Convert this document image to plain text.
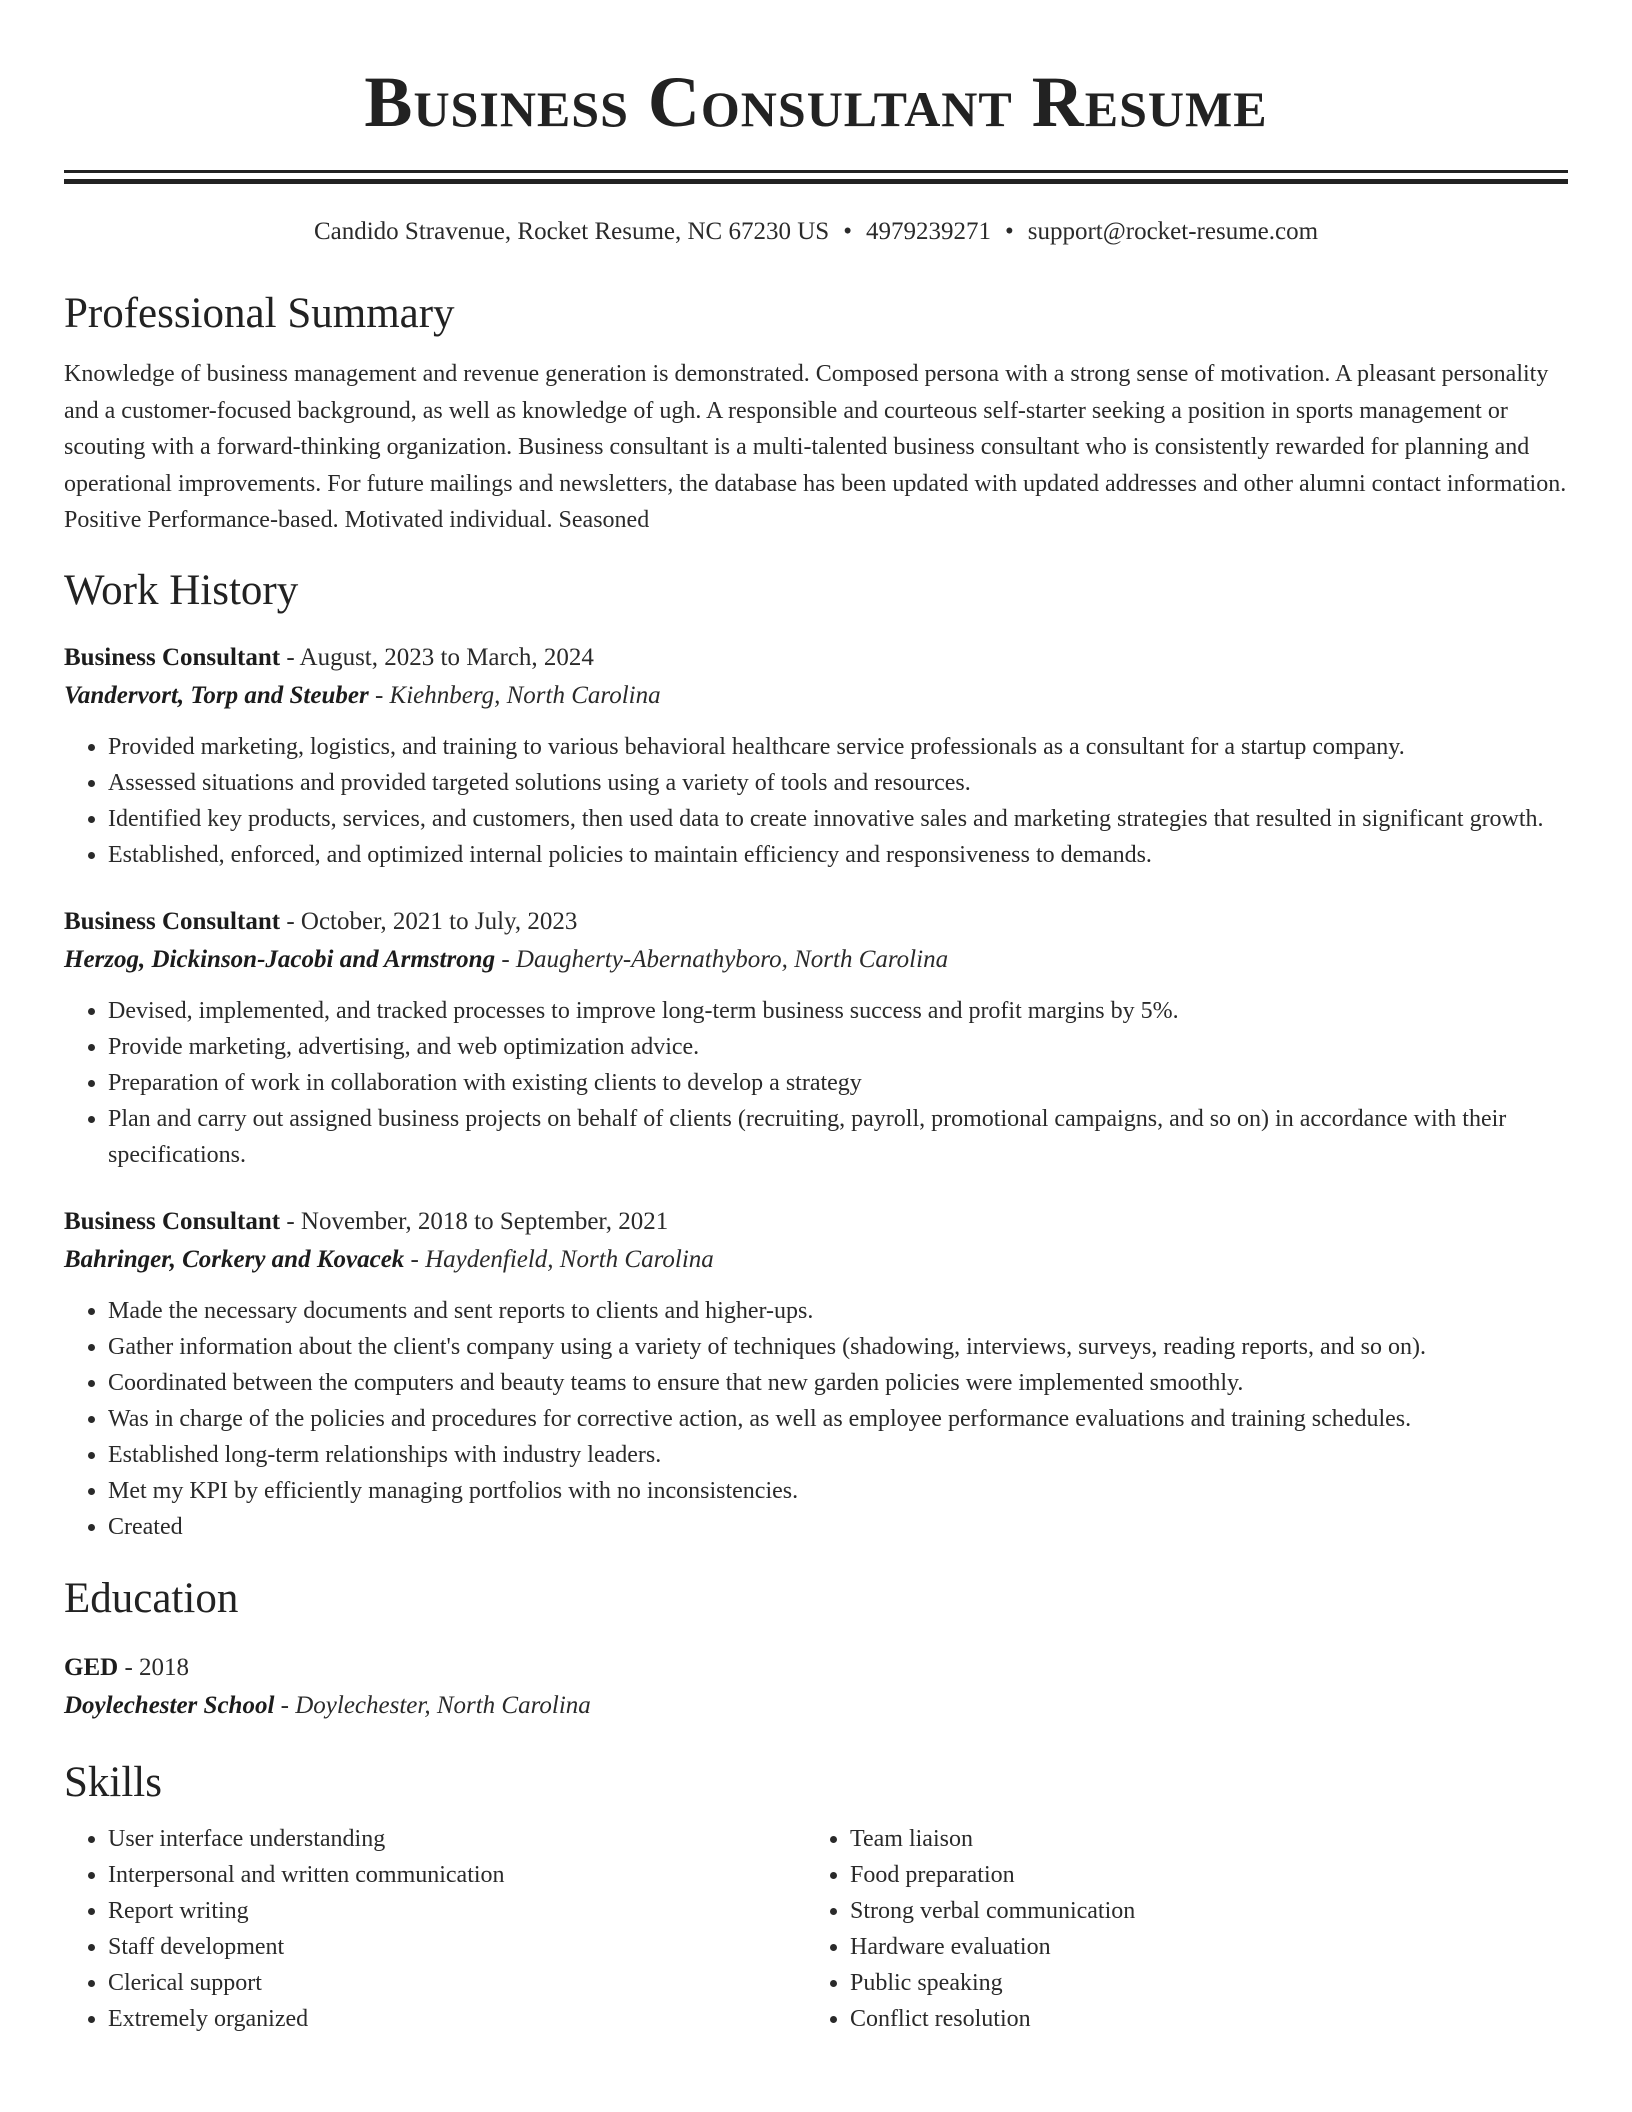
Business Consultant Resume
Candido Stravenue, Rocket Resume, NC 67230 US • 4979239271 • support@rocket-resume.com
Professional Summary
Knowledge of business management and revenue generation is demonstrated. Composed persona with a strong sense of motivation. A pleasant personality and a customer-focused background, as well as knowledge of ugh. A responsible and courteous self-starter seeking a position in sports management or scouting with a forward-thinking organization. Business consultant is a multi-talented business consultant who is consistently rewarded for planning and operational improvements. For future mailings and newsletters, the database has been updated with updated addresses and other alumni contact information. Positive Performance-based. Motivated individual. Seasoned
Work History
Business Consultant - August, 2023 to March, 2024
Vandervort, Torp and Steuber - Kiehnberg, North Carolina
• Provided marketing, logistics, and training to various behavioral healthcare service professionals as a consultant for a startup company.
• Assessed situations and provided targeted solutions using a variety of tools and resources.
• Identified key products, services, and customers, then used data to create innovative sales and marketing strategies that resulted in significant growth.
• Established, enforced, and optimized internal policies to maintain efficiency and responsiveness to demands.
Business Consultant - October, 2021 to July, 2023
Herzog, Dickinson-Jacobi and Armstrong - Daugherty-Abernathyboro, North Carolina
• Devised, implemented, and tracked processes to improve long-term business success and profit margins by 5%.
• Provide marketing, advertising, and web optimization advice.
• Preparation of work in collaboration with existing clients to develop a strategy
• Plan and carry out assigned business projects on behalf of clients (recruiting, payroll, promotional campaigns, and so on) in accordance with their specifications.
Business Consultant - November, 2018 to September, 2021
Bahringer, Corkery and Kovacek - Haydenfield, North Carolina
• Made the necessary documents and sent reports to clients and higher-ups.
• Gather information about the client's company using a variety of techniques (shadowing, interviews, surveys, reading reports, and so on).
• Coordinated between the computers and beauty teams to ensure that new garden policies were implemented smoothly.
• Was in charge of the policies and procedures for corrective action, as well as employee performance evaluations and training schedules.
• Established long-term relationships with industry leaders.
• Met my KPI by efficiently managing portfolios with no inconsistencies.
• Created
Education
GED - 2018
Doylechester School - Doylechester, North Carolina
Skills
• User interface understanding
• Interpersonal and written communication
• Report writing
• Staff development
• Clerical support
• Extremely organized
• Team liaison
• Food preparation
• Strong verbal communication
• Hardware evaluation
• Public speaking
• Conflict resolution
